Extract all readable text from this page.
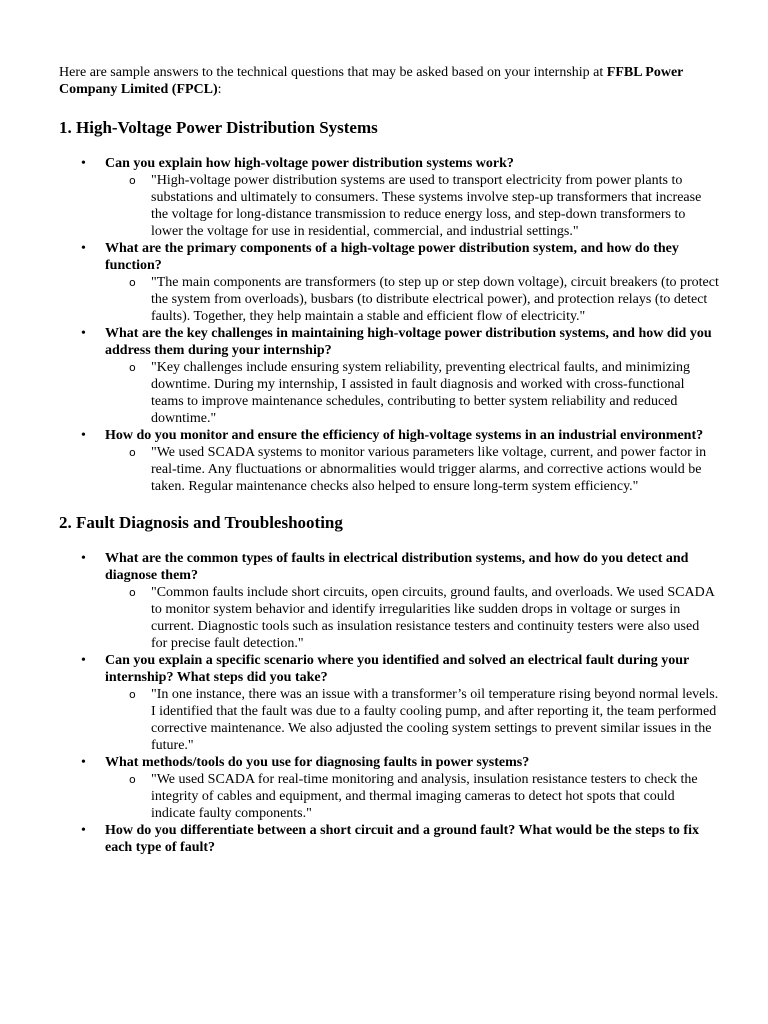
Here are sample answers to the technical questions that may be asked based on your internship at FFBL Power Company Limited (FPCL):

1. High-Voltage Power Distribution Systems
• Can you explain how high-voltage power distribution systems work?
o "High-voltage power distribution systems are used to transport electricity from power plants to substations and ultimately to consumers. These systems involve step-up transformers that increase the voltage for long-distance transmission to reduce energy loss, and step-down transformers to lower the voltage for use in residential, commercial, and industrial settings."
• What are the primary components of a high-voltage power distribution system, and how do they function?
o "The main components are transformers (to step up or step down voltage), circuit breakers (to protect the system from overloads), busbars (to distribute electrical power), and protection relays (to detect faults). Together, they help maintain a stable and efficient flow of electricity."
• What are the key challenges in maintaining high-voltage power distribution systems, and how did you address them during your internship?
o "Key challenges include ensuring system reliability, preventing electrical faults, and minimizing downtime. During my internship, I assisted in fault diagnosis and worked with cross-functional teams to improve maintenance schedules, contributing to better system reliability and reduced downtime."
• How do you monitor and ensure the efficiency of high-voltage systems in an industrial environment?
o "We used SCADA systems to monitor various parameters like voltage, current, and power factor in real-time. Any fluctuations or abnormalities would trigger alarms, and corrective actions would be taken. Regular maintenance checks also helped to ensure long-term system efficiency."
2. Fault Diagnosis and Troubleshooting
• What are the common types of faults in electrical distribution systems, and how do you detect and diagnose them?
o "Common faults include short circuits, open circuits, ground faults, and overloads. We used SCADA to monitor system behavior and identify irregularities like sudden drops in voltage or surges in current. Diagnostic tools such as insulation resistance testers and continuity testers were also used for precise fault detection."
• Can you explain a specific scenario where you identified and solved an electrical fault during your internship? What steps did you take?
o "In one instance, there was an issue with a transformer’s oil temperature rising beyond normal levels. I identified that the fault was due to a faulty cooling pump, and after reporting it, the team performed corrective maintenance. We also adjusted the cooling system settings to prevent similar issues in the future."
• What methods/tools do you use for diagnosing faults in power systems?
o "We used SCADA for real-time monitoring and analysis, insulation resistance testers to check the integrity of cables and equipment, and thermal imaging cameras to detect hot spots that could indicate faulty components."
• How do you differentiate between a short circuit and a ground fault? What would be the steps to fix each type of fault?
